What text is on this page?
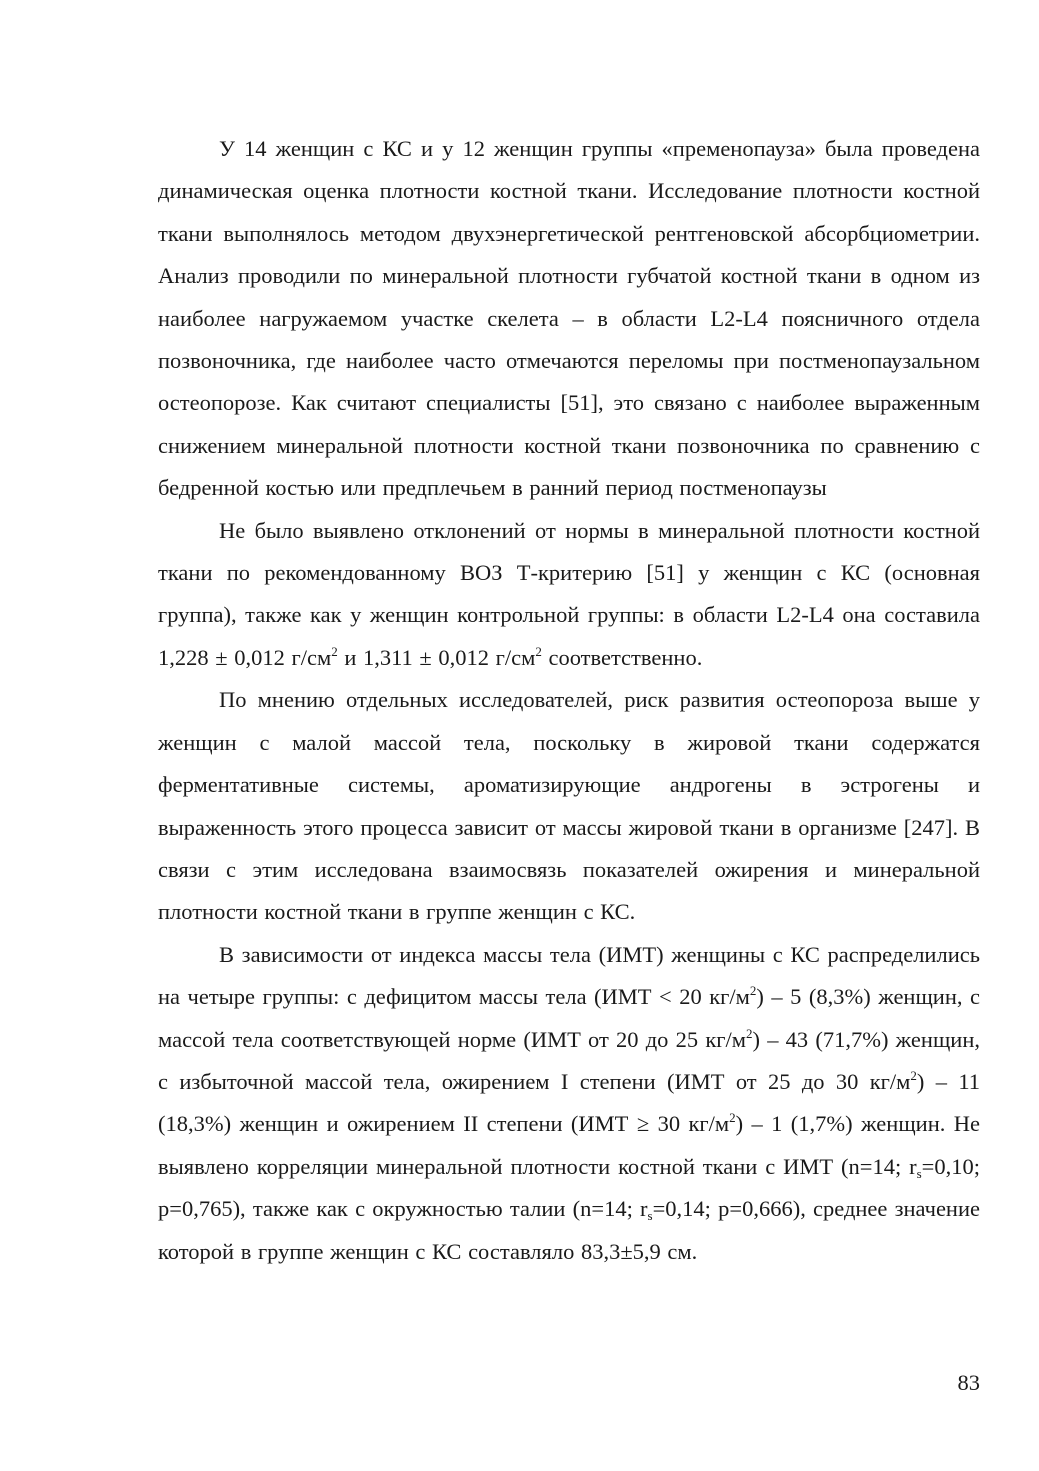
У 14 женщин с КС и у 12 женщин группы «пременопауза» была проведена динамическая оценка плотности костной ткани. Исследование плотности костной ткани выполнялось методом двухэнергетической рентгеновской абсорбциометрии. Анализ проводили по минеральной плотности губчатой костной ткани в одном из наиболее нагружаемом участке скелета – в области L2-L4 поясничного отдела позвоночника, где наиболее часто отмечаются переломы при постменопаузальном остеопорозе. Как считают специалисты [51], это связано с наиболее выраженным снижением минеральной плотности костной ткани позвоночника по сравнению с бедренной костью или предплечьем в ранний период постменопаузы

Не было выявлено отклонений от нормы в минеральной плотности костной ткани по рекомендованному ВОЗ Т-критерию [51] у женщин с КС (основная группа), также как у женщин контрольной группы: в области L2-L4 она составила 1,228 ± 0,012 $г/см^2$ и 1,311 ± 0,012 $г/см^2$ соответственно.

По мнению отдельных исследователей, риск развития остеопороза выше у женщин с малой массой тела, поскольку в жировой ткани содержатся ферментативные системы, ароматизирующие андрогены в эстрогены и выраженность этого процесса зависит от массы жировой ткани в организме [247]. В связи с этим исследована взаимосвязь показателей ожирения и минеральной плотности костной ткани в группе женщин с КС.

В зависимости от индекса массы тела (ИМТ) женщины с КС распределились на четыре группы: с дефицитом массы тела (ИМТ < 20 $кг/м^2) - 5$ (8,3%) женщин, с массой тела соответствующей норме (ИМТ от 20 до 25 $кг/м^2) - 43$ (71,7%) женщин, с избыточной массой тела, ожирением I степени (ИМТ от 25 до 30 $кг/м^2) - 11$ (18,3%) женщин и ожирением II степени (ИМТ ≥ 30 $кг/м^2) - 1$ (1,7%) женщин. Не выявлено корреляции минеральной плотности костной ткани с ИМТ (n=14; $r_s=0,10$; p=0,765), также как с окружностью талии (n=14; $r_s=0,14$; p=0,666), среднее значение которой в группе женщин с КС составляло 83,3±5,9 см.

83
